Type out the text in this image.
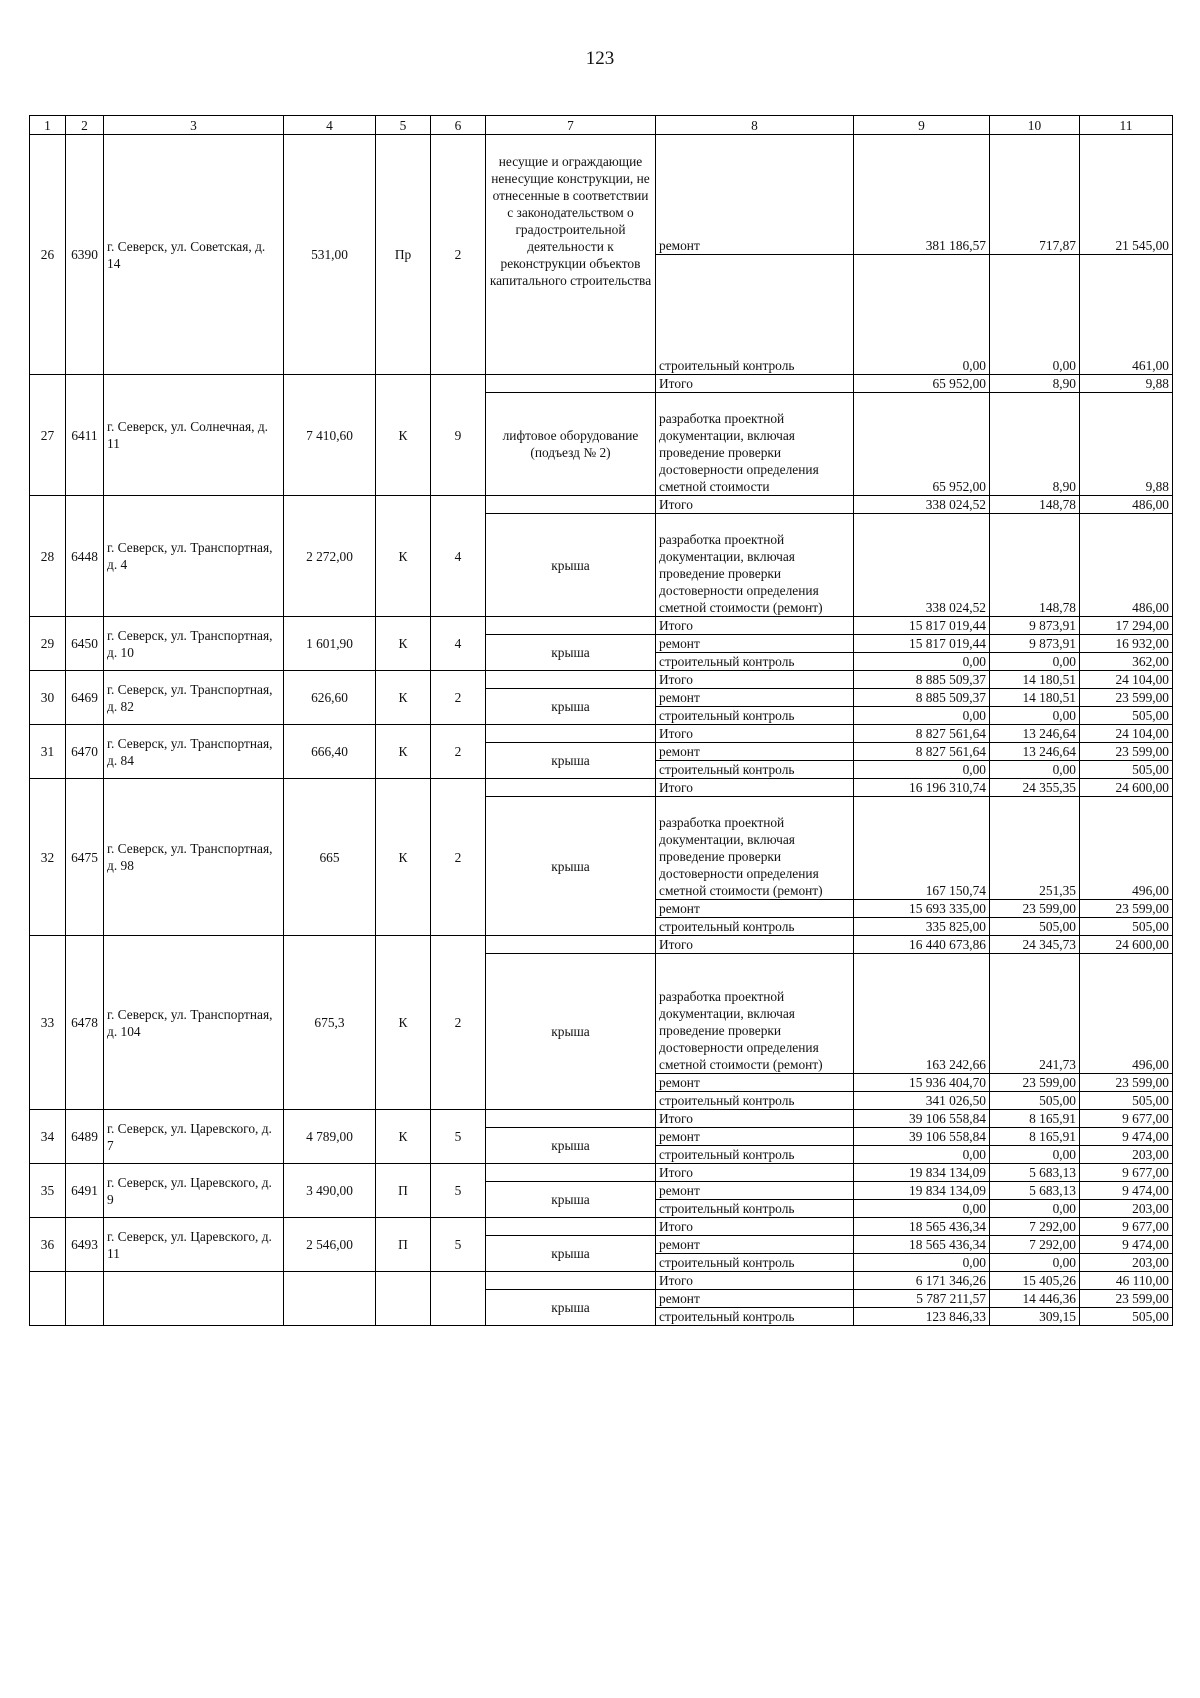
123
1	2	3	4	5	6	7	8	9	10	11
26	6390	г. Северск, ул. Советская, д. 14	531,00	Пр	2	несущие и ограждающие ненесущие конструкции, не отнесенные в соответствии с законодательством о градостроительной деятельности к реконструкции объектов капитального строительства	ремонт	381 186,57	717,87	21 545,00
							строительный контроль	0,00	0,00	461,00
27	6411	г. Северск, ул. Солнечная, д. 11	7 410,60	К	9		Итого	65 952,00	8,90	9,88
						лифтовое оборудование (подъезд № 2)	разработка проектной документации, включая проведение проверки достоверности определения сметной стоимости	65 952,00	8,90	9,88
28	6448	г. Северск, ул. Транспортная, д. 4	2 272,00	К	4		Итого	338 024,52	148,78	486,00
						крыша	разработка проектной документации, включая проведение проверки достоверности определения сметной стоимости (ремонт)	338 024,52	148,78	486,00
29	6450	г. Северск, ул. Транспортная, д. 10	1 601,90	К	4		Итого	15 817 019,44	9 873,91	17 294,00
						крыша	ремонт	15 817 019,44	9 873,91	16 932,00
							строительный контроль	0,00	0,00	362,00
30	6469	г. Северск, ул. Транспортная, д. 82	626,60	К	2		Итого	8 885 509,37	14 180,51	24 104,00
						крыша	ремонт	8 885 509,37	14 180,51	23 599,00
							строительный контроль	0,00	0,00	505,00
31	6470	г. Северск, ул. Транспортная, д. 84	666,40	К	2		Итого	8 827 561,64	13 246,64	24 104,00
						крыша	ремонт	8 827 561,64	13 246,64	23 599,00
							строительный контроль	0,00	0,00	505,00
32	6475	г. Северск, ул. Транспортная, д. 98	665	К	2		Итого	16 196 310,74	24 355,35	24 600,00
						крыша	разработка проектной документации, включая проведение проверки достоверности определения сметной стоимости (ремонт)	167 150,74	251,35	496,00
							ремонт	15 693 335,00	23 599,00	23 599,00
							строительный контроль	335 825,00	505,00	505,00
33	6478	г. Северск, ул. Транспортная, д. 104	675,3	К	2		Итого	16 440 673,86	24 345,73	24 600,00
						крыша	разработка проектной документации, включая проведение проверки достоверности определения сметной стоимости (ремонт)	163 242,66	241,73	496,00
							ремонт	15 936 404,70	23 599,00	23 599,00
							строительный контроль	341 026,50	505,00	505,00
34	6489	г. Северск, ул. Царевского, д. 7	4 789,00	К	5		Итого	39 106 558,84	8 165,91	9 677,00
						крыша	ремонт	39 106 558,84	8 165,91	9 474,00
							строительный контроль	0,00	0,00	203,00
35	6491	г. Северск, ул. Царевского, д. 9	3 490,00	П	5		Итого	19 834 134,09	5 683,13	9 677,00
						крыша	ремонт	19 834 134,09	5 683,13	9 474,00
							строительный контроль	0,00	0,00	203,00
36	6493	г. Северск, ул. Царевского, д. 11	2 546,00	П	5		Итого	18 565 436,34	7 292,00	9 677,00
						крыша	ремонт	18 565 436,34	7 292,00	9 474,00
							строительный контроль	0,00	0,00	203,00
							Итого	6 171 346,26	15 405,26	46 110,00
						крыша	ремонт	5 787 211,57	14 446,36	23 599,00
							строительный контроль	123 846,33	309,15	505,00
